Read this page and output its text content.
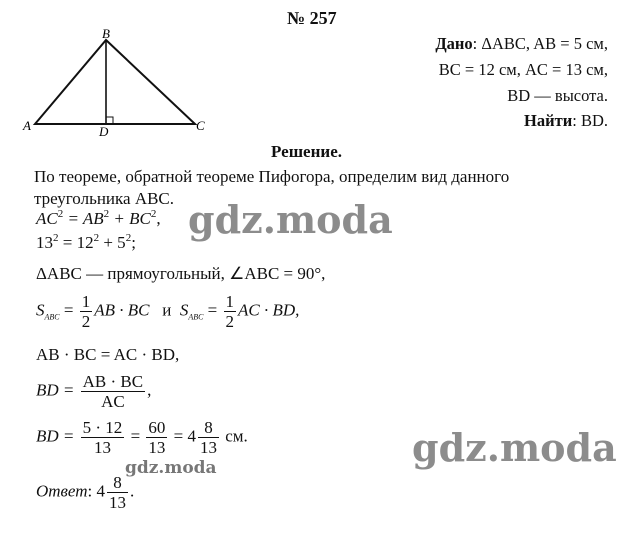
№ 257
B
A	C
D
Дано: ΔABC, AB = 5 см,
BC = 12 см, AC = 13 см,
BD — высота.
Найти: BD.
Решение.
По теореме, обратной теореме Пифогора, определим вид данного треугольника ABC.
$AC^2 = AB^2 + BC^2$,
$13^2 = 12^2 + 5^2$;
ΔABC — прямоугольный, ∠ABC = 90°,
$S_{ABC} = \frac{1}{2}$ AB · BC и $S_{ABC} = \frac{1}{2}$ AC · BD,
AB · BC = AC · BD,
BD = $\frac{AB \cdot BC}{AC}$ ,
BD = $\frac{5 \cdot 12}{13} = \frac{60}{13} = 4 \frac{8}{13}$ см.
Ответ: $4 \frac{8}{13}$ .
gdz.moda
gdz.moda
gdz.moda
